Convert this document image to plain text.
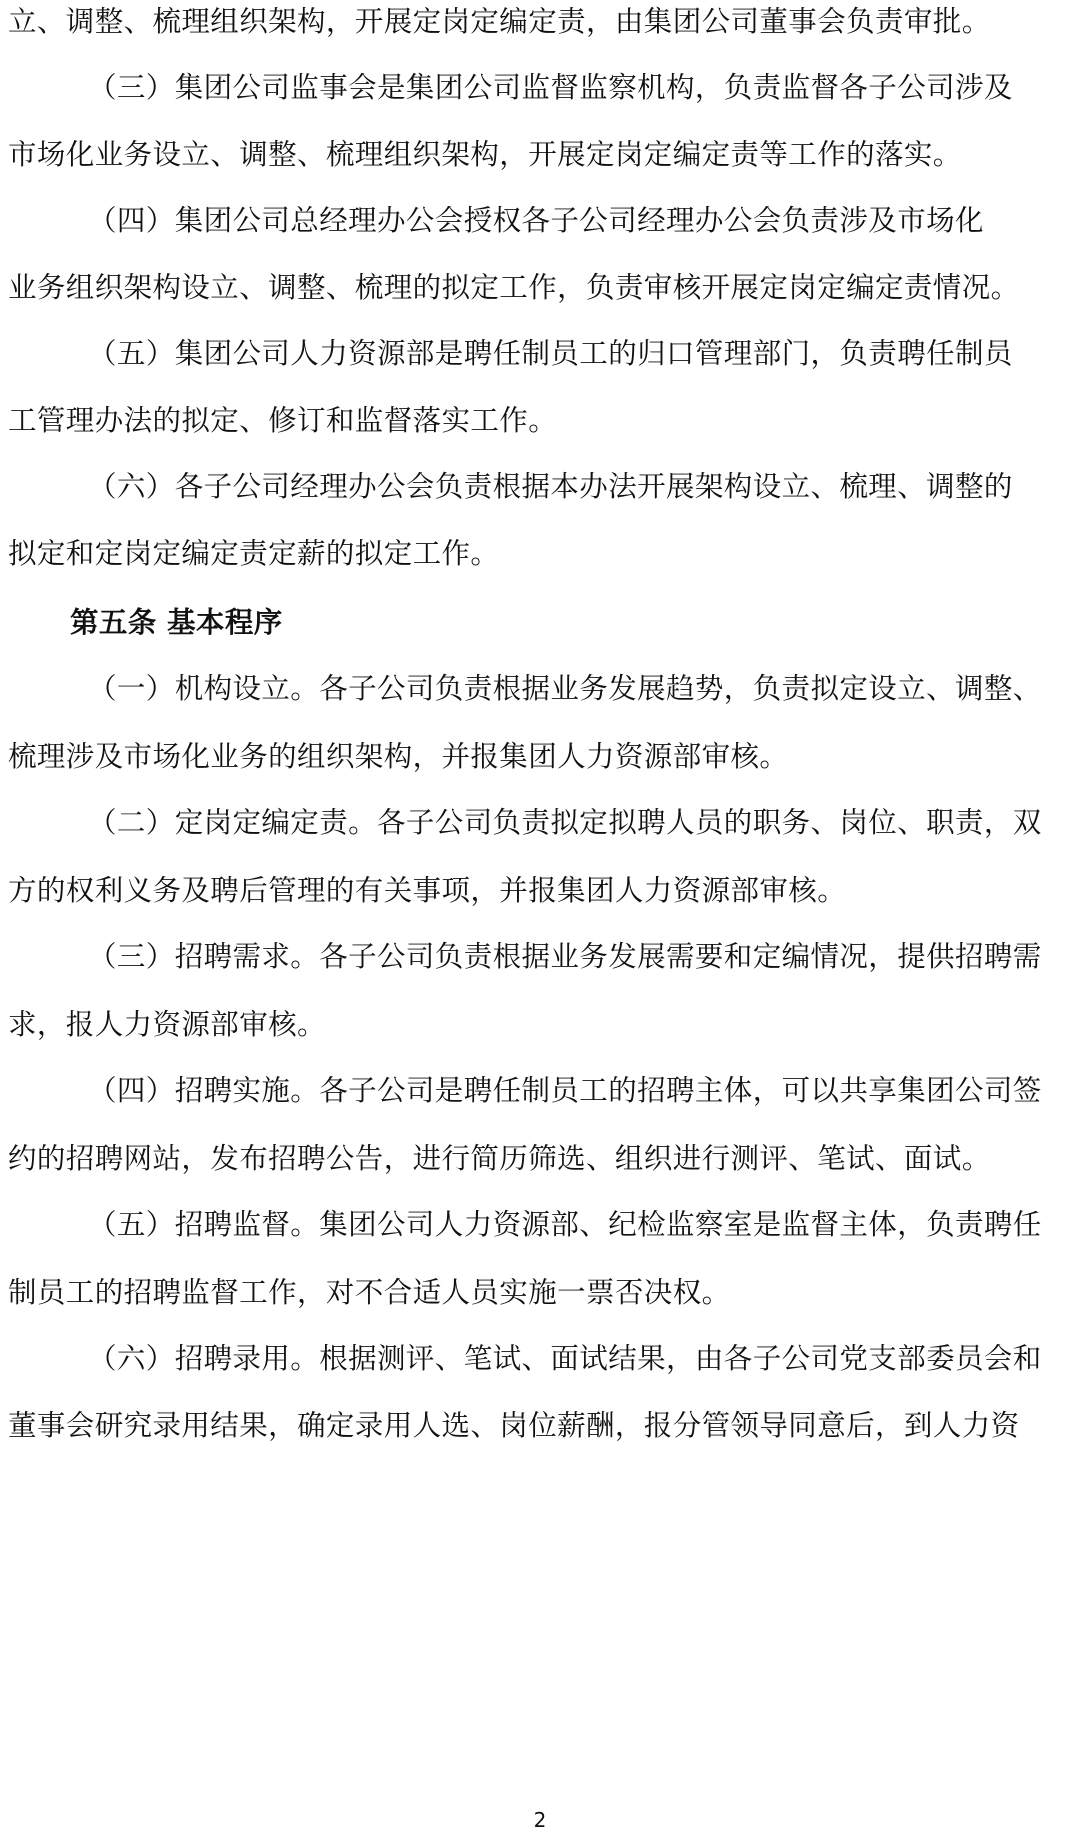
立、调整、梳理组织架构，开展定岗定编定责，由集团公司董事会负责审批。
（三）集团公司监事会是集团公司监督监察机构，负责监督各子公司涉及
市场化业务设立、调整、梳理组织架构，开展定岗定编定责等工作的落实。
（四）集团公司总经理办公会授权各子公司经理办公会负责涉及市场化
业务组织架构设立、调整、梳理的拟定工作，负责审核开展定岗定编定责情况。
（五）集团公司人力资源部是聘任制员工的归口管理部门，负责聘任制员
工管理办法的拟定、修订和监督落实工作。
（六）各子公司经理办公会负责根据本办法开展架构设立、梳理、调整的
拟定和定岗定编定责定薪的拟定工作。
第五条 基本程序
（一）机构设立。各子公司负责根据业务发展趋势，负责拟定设立、调整、
梳理涉及市场化业务的组织架构，并报集团人力资源部审核。
（二）定岗定编定责。各子公司负责拟定拟聘人员的职务、岗位、职责，双
方的权利义务及聘后管理的有关事项，并报集团人力资源部审核。
（三）招聘需求。各子公司负责根据业务发展需要和定编情况，提供招聘需
求，报人力资源部审核。
（四）招聘实施。各子公司是聘任制员工的招聘主体，可以共享集团公司签
约的招聘网站，发布招聘公告，进行简历筛选、组织进行测评、笔试、面试。
（五）招聘监督。集团公司人力资源部、纪检监察室是监督主体，负责聘任
制员工的招聘监督工作，对不合适人员实施一票否决权。
（六）招聘录用。根据测评、笔试、面试结果，由各子公司党支部委员会和
董事会研究录用结果，确定录用人选、岗位薪酬，报分管领导同意后，到人力资
2
